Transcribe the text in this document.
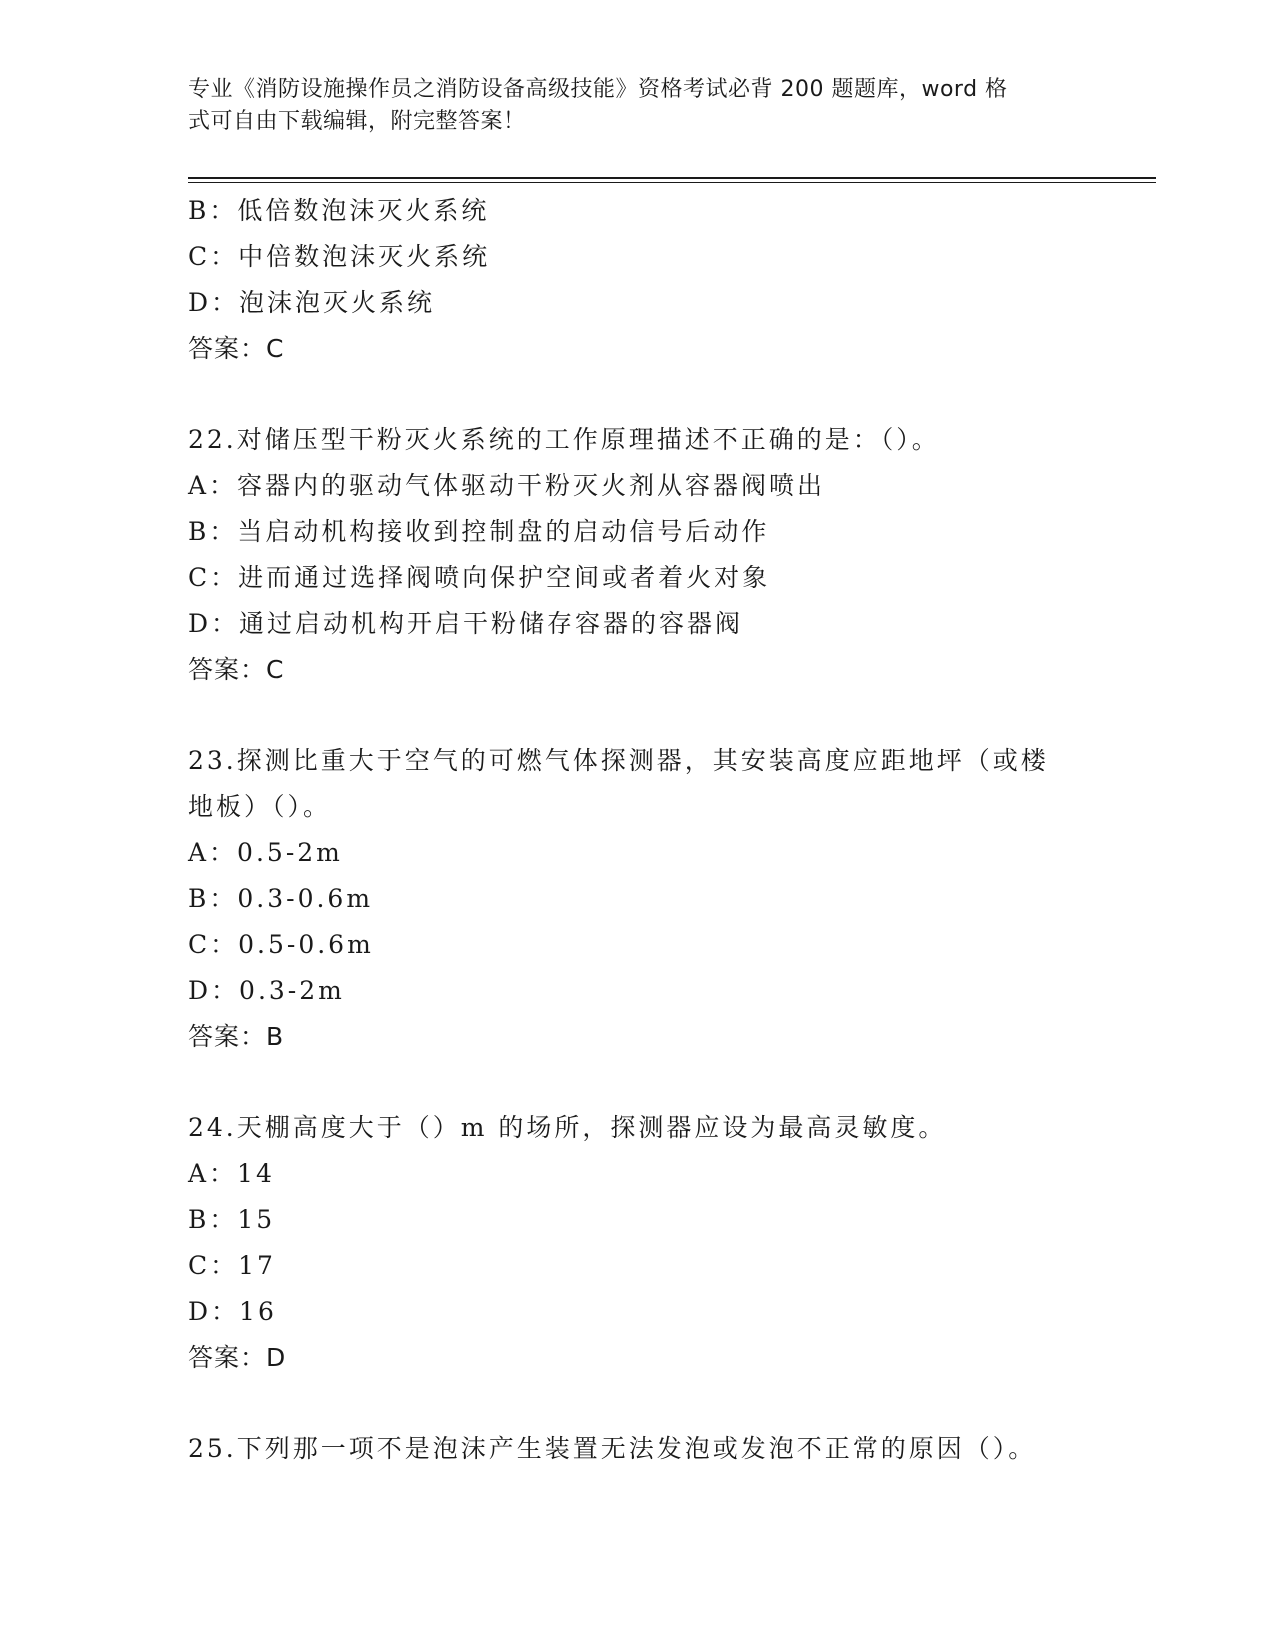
专业《消防设施操作员之消防设备高级技能》资格考试必背 200 题题库，word 格
式可自由下载编辑，附完整答案！
B：低倍数泡沫灭火系统
C：中倍数泡沫灭火系统
D：泡沫泡灭火系统
答案：C
22.对储压型干粉灭火系统的工作原理描述不正确的是：（）。
A：容器内的驱动气体驱动干粉灭火剂从容器阀喷出
B：当启动机构接收到控制盘的启动信号后动作
C：进而通过选择阀喷向保护空间或者着火对象
D：通过启动机构开启干粉储存容器的容器阀
答案：C
23.探测比重大于空气的可燃气体探测器，其安装高度应距地坪（或楼
地板）（）。
A：0.5-2m
B：0.3-0.6m
C：0.5-0.6m
D：0.3-2m
答案：B
24.天棚高度大于（）m 的场所，探测器应设为最高灵敏度。
A：14
B：15
C：17
D：16
答案：D
25.下列那一项不是泡沫产生装置无法发泡或发泡不正常的原因（）。
